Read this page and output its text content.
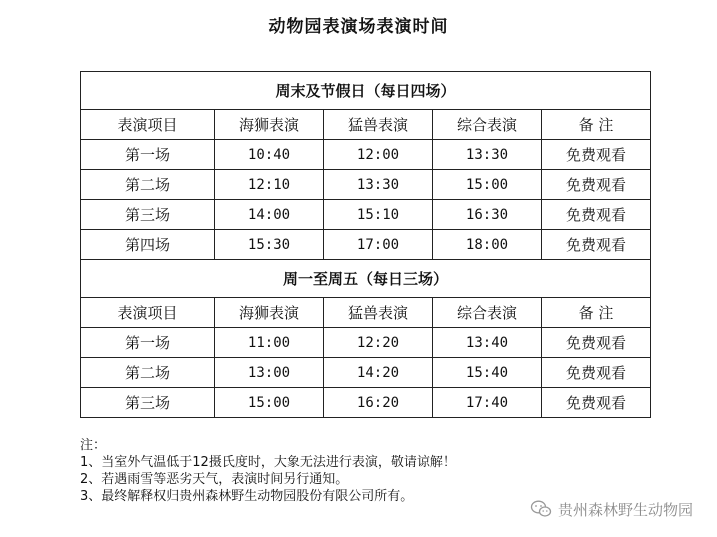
动物园表演场表演时间
周末及节假日（每日四场）				
表演项目	海狮表演	猛兽表演	综合表演	备 注
第一场	10:40	12:00	13:30	免费观看
第二场	12:10	13:30	15:00	免费观看
第三场	14:00	15:10	16:30	免费观看
第四场	15:30	17:00	18:00	免费观看
周一至周五（每日三场）				
表演项目	海狮表演	猛兽表演	综合表演	备 注
第一场	11:00	12:20	13:40	免费观看
第二场	13:00	14:20	15:40	免费观看
第三场	15:00	16:20	17:40	免费观看
注：
1、当室外气温低于12摄氏度时，大象无法进行表演，敬请谅解！
2、若遇雨雪等恶劣天气，表演时间另行通知。
3、最终解释权归贵州森林野生动物园股份有限公司所有。
贵州森林野生动物园
